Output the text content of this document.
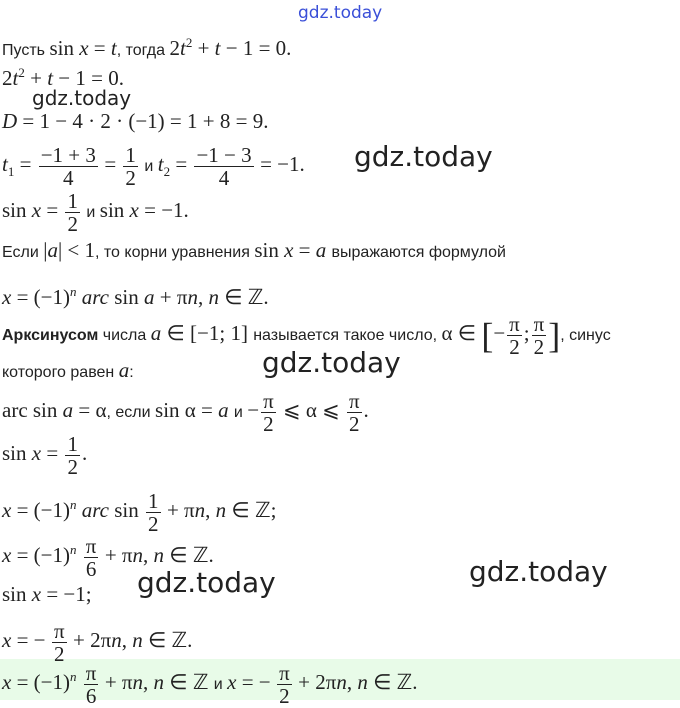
gdz.today
gdz.today
gdz.today
gdz.today
gdz.today	gdz.today
Пусть sin x = t, тогда $2t^2 + t - 1 = 0$.
$2t^2 + t - 1 = 0$.
D = 1 − 4 · 2 · (−1) = 1 + 8 = 9.
$t_1 = \frac{-1 + 3}{4} = \frac{1}{2}$ и $t_2 = \frac{-1 - 3}{4} = -1$.
$\sin x = \frac{1}{2}$ и sin x = −1.
Если |a| < 1, то корни уравнения sin x = a выражаются формулой
$x = (-1)^n$ arc sin a + πn, n ∈ ℤ.
Арксинусом числа a ∈ [−1; 1] называется такое число, α ∈ [− $\frac{\pi}{2}$ ; $\frac{\pi}{2}$ ], синус
которого равен a:
arc sin a = α, если sin α = a $и - \frac{\pi}{2}$ ⩽ α ⩽ $\frac{\pi}{2}$ .
$\sin x = \frac{1}{2}$ .
$x = (-1)^n$ arc $\sin \frac{1}{2} + \pi n$, n ∈ ℤ;
$x = (-1)^n \frac{\pi}{6} + \pi n$, n ∈ ℤ.
sin x = −1;
x = − $\frac{\pi}{2} + 2\pi n$, n ∈ ℤ.
$x = (-1)^n \frac{\pi}{6} + \pi n$, n ∈ ℤ и x = − $\frac{\pi}{2} + 2\pi n$, n ∈ ℤ.
